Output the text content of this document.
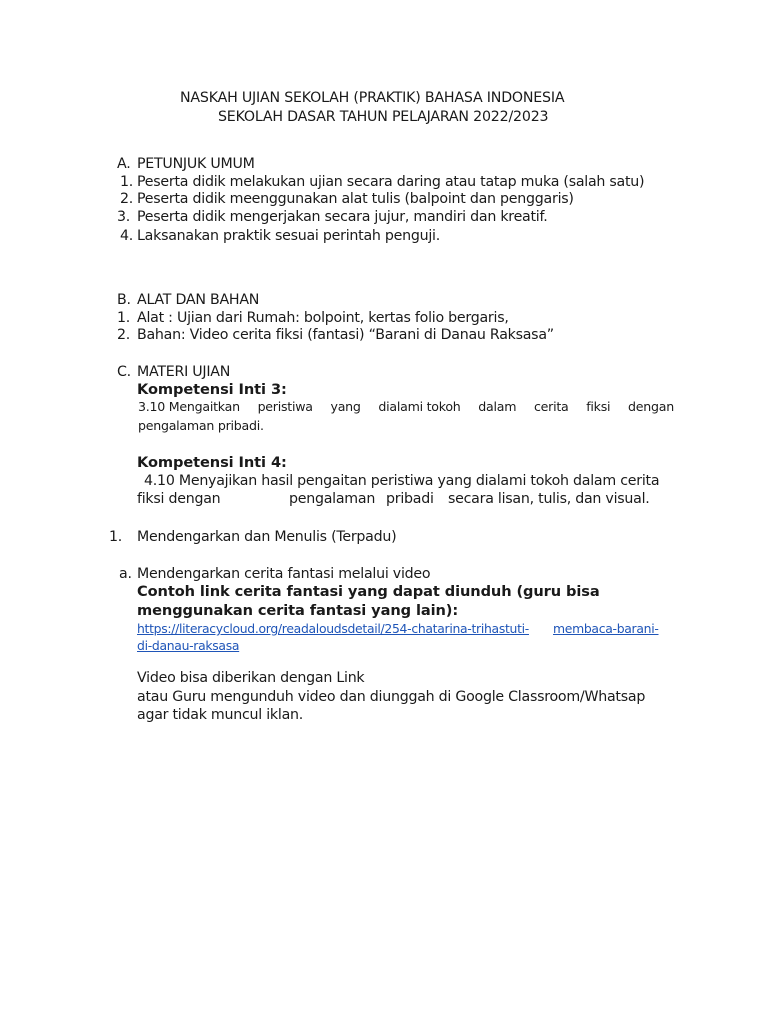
NASKAH UJIAN SEKOLAH (PRAKTIK) BAHASA INDONESIA
SEKOLAH DASAR TAHUN PELAJARAN 2022/2023
A. PETUNJUK UMUM
1. Peserta didik melakukan ujian secara daring atau tatap muka (salah satu)
2. Peserta didik meenggunakan alat tulis (balpoint dan penggaris)
3. Peserta didik mengerjakan secara jujur, mandiri dan kreatif.
4. Laksanakan praktik sesuai perintah penguji.
B. ALAT DAN BAHAN
1. Alat : Ujian dari Rumah: bolpoint, kertas folio bergaris,
2. Bahan: Video cerita fiksi (fantasi) “Barani di Danau Raksasa”
C. MATERI UJIAN
Kompetensi Inti 3:
3.10 Mengaitkan peristiwa yang dialami tokoh dalam cerita fiksi dengan
pengalaman pribadi.
Kompetensi Inti 4:
4.10 Menyajikan hasil pengaitan peristiwa yang dialami tokoh dalam cerita
fiksi dengan	pengalaman pribadi secara lisan, tulis, dan visual.
1. Mendengarkan dan Menulis (Terpadu)
a. Mendengarkan cerita fantasi melalui video
Contoh link cerita fantasi yang dapat diunduh (guru bisa
menggunakan cerita fantasi yang lain):
https://literacycloud.org/readaloudsdetail/254-chatarina-trihastuti- membaca-barani-
di-danau-raksasa
Video bisa diberikan dengan Link
atau Guru mengunduh video dan diunggah di Google Classroom/Whatsap
agar tidak muncul iklan.
